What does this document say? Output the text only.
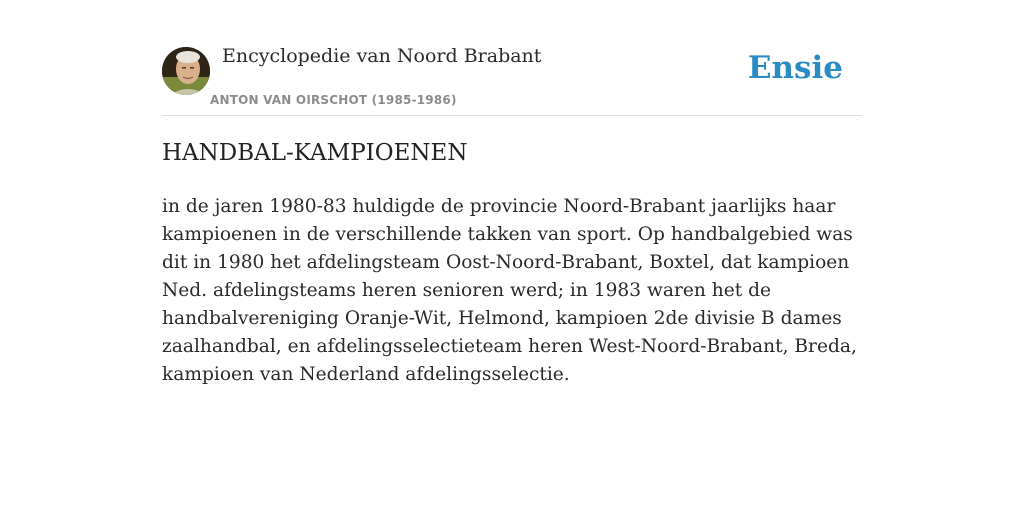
Encyclopedie van Noord Brabant
ANTON VAN OIRSCHOT (1985-1986)
Ensie
HANDBAL-KAMPIOENEN

in de jaren 1980-83 huldigde de provincie Noord-Brabant jaarlijks haar kampioenen in de verschillende takken van sport. Op handbalgebied was dit in 1980 het afdelingsteam Oost-Noord-Brabant, Boxtel, dat kampioen Ned. afdelingsteams heren senioren werd; in 1983 waren het de handbalvereniging Oranje-Wit, Helmond, kampioen 2de divisie B dames zaalhandbal, en afdelingsselectieteam heren West-Noord-Brabant, Breda, kampioen van Nederland afdelingsselectie.
